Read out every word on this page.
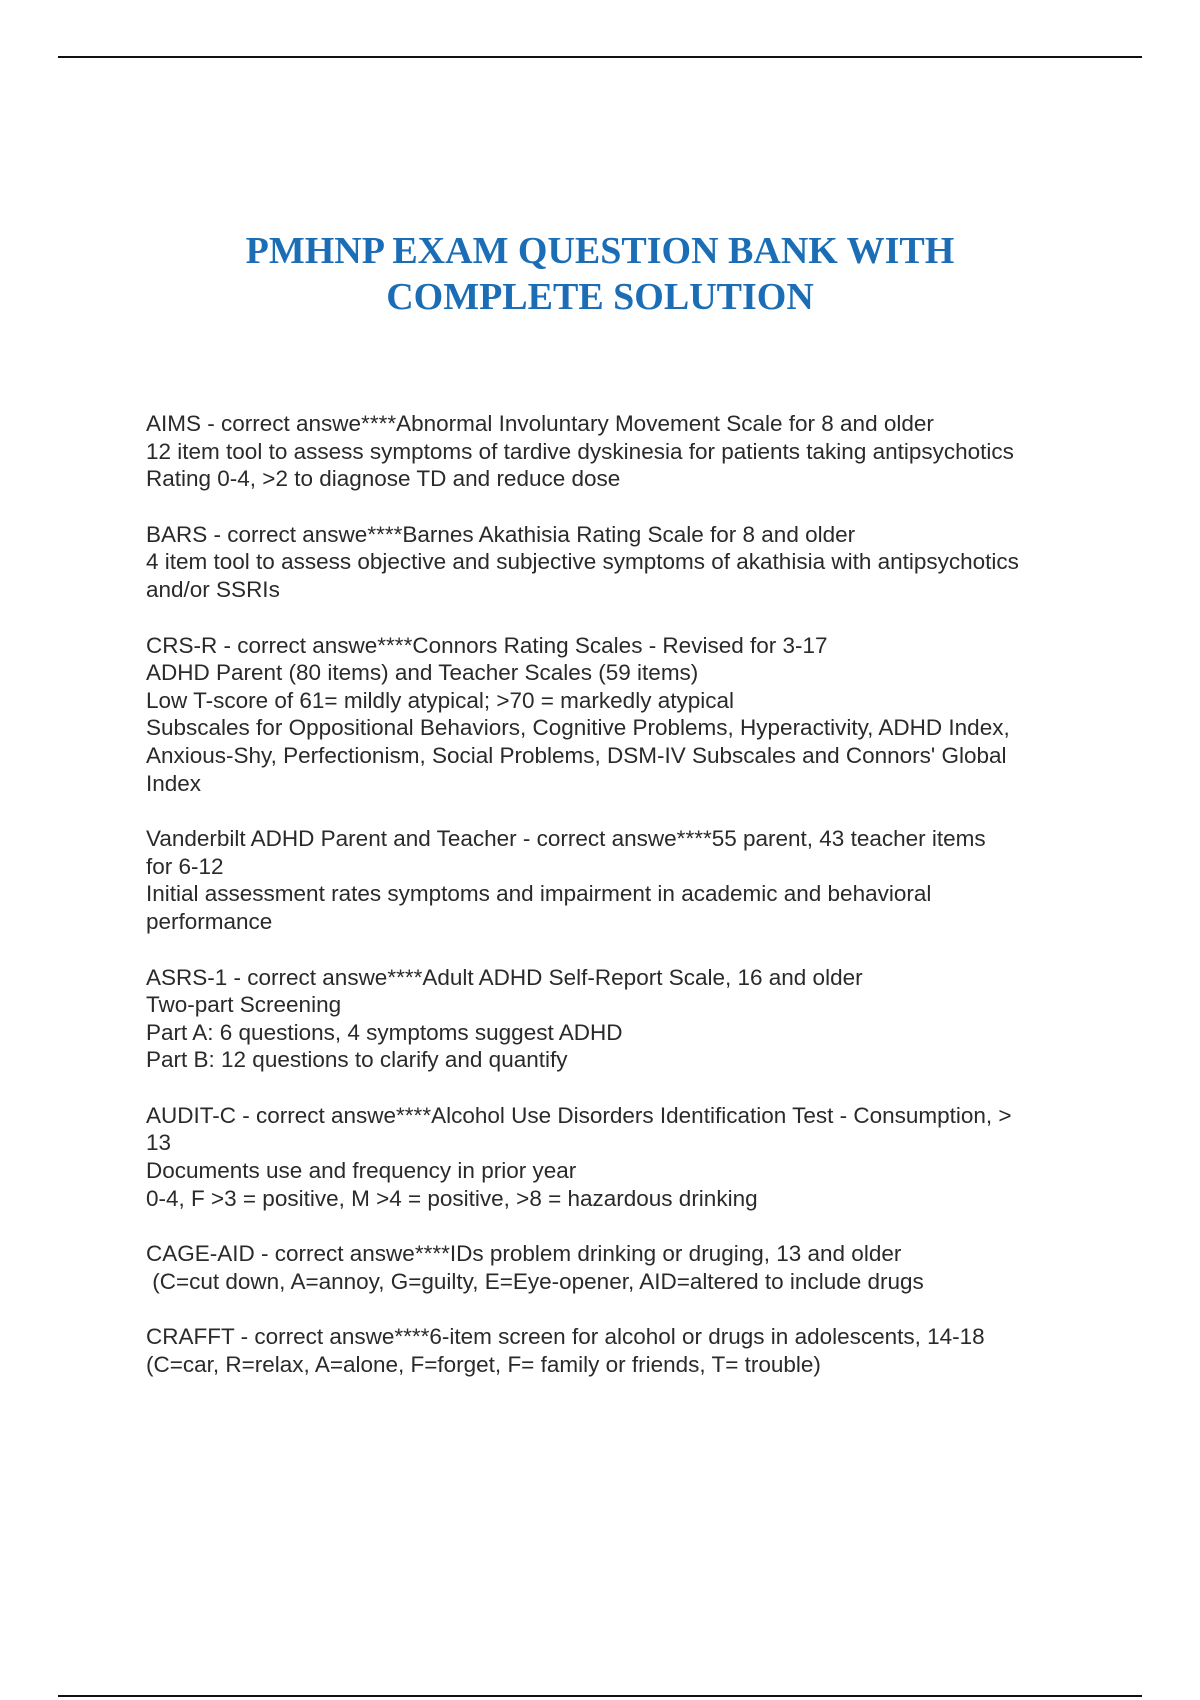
PMHNP EXAM QUESTION BANK WITH
COMPLETE SOLUTION
AIMS - correct answe****Abnormal Involuntary Movement Scale for 8 and older
12 item tool to assess symptoms of tardive dyskinesia for patients taking antipsychotics
Rating 0-4, >2 to diagnose TD and reduce dose
BARS - correct answe****Barnes Akathisia Rating Scale for 8 and older
4 item tool to assess objective and subjective symptoms of akathisia with antipsychotics
and/or SSRIs
CRS-R - correct answe****Connors Rating Scales - Revised for 3-17
ADHD Parent (80 items) and Teacher Scales (59 items)
Low T-score of 61= mildly atypical; >70 = markedly atypical
Subscales for Oppositional Behaviors, Cognitive Problems, Hyperactivity, ADHD Index,
Anxious-Shy, Perfectionism, Social Problems, DSM-IV Subscales and Connors' Global
Index
Vanderbilt ADHD Parent and Teacher - correct answe****55 parent, 43 teacher items
for 6-12
Initial assessment rates symptoms and impairment in academic and behavioral
performance
ASRS-1 - correct answe****Adult ADHD Self-Report Scale, 16 and older
Two-part Screening
Part A: 6 questions, 4 symptoms suggest ADHD
Part B: 12 questions to clarify and quantify
AUDIT-C - correct answe****Alcohol Use Disorders Identification Test - Consumption, >
13
Documents use and frequency in prior year
0-4, F >3 = positive, M >4 = positive, >8 = hazardous drinking
CAGE-AID - correct answe****IDs problem drinking or druging, 13 and older
(C=cut down, A=annoy, G=guilty, E=Eye-opener, AID=altered to include drugs
CRAFFT - correct answe****6-item screen for alcohol or drugs in adolescents, 14-18
(C=car, R=relax, A=alone, F=forget, F= family or friends, T= trouble)
